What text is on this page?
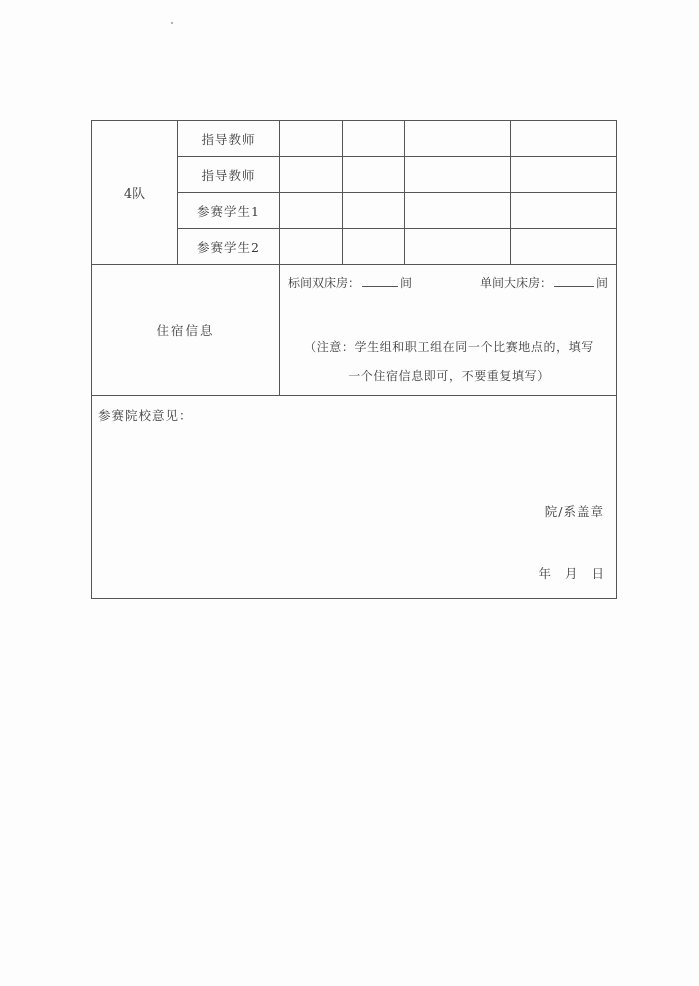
4队	指导教师				
	指导教师				
	参赛学生1				
	参赛学生2				
住宿信息		标间双床房： 间 单间大床房： 间
（注意：学生组和职工组在同一个比赛地点的，填写
一个住宿信息即可，不要重复填写）			

参赛院校意见：
院/系盖章
年 月 日					
